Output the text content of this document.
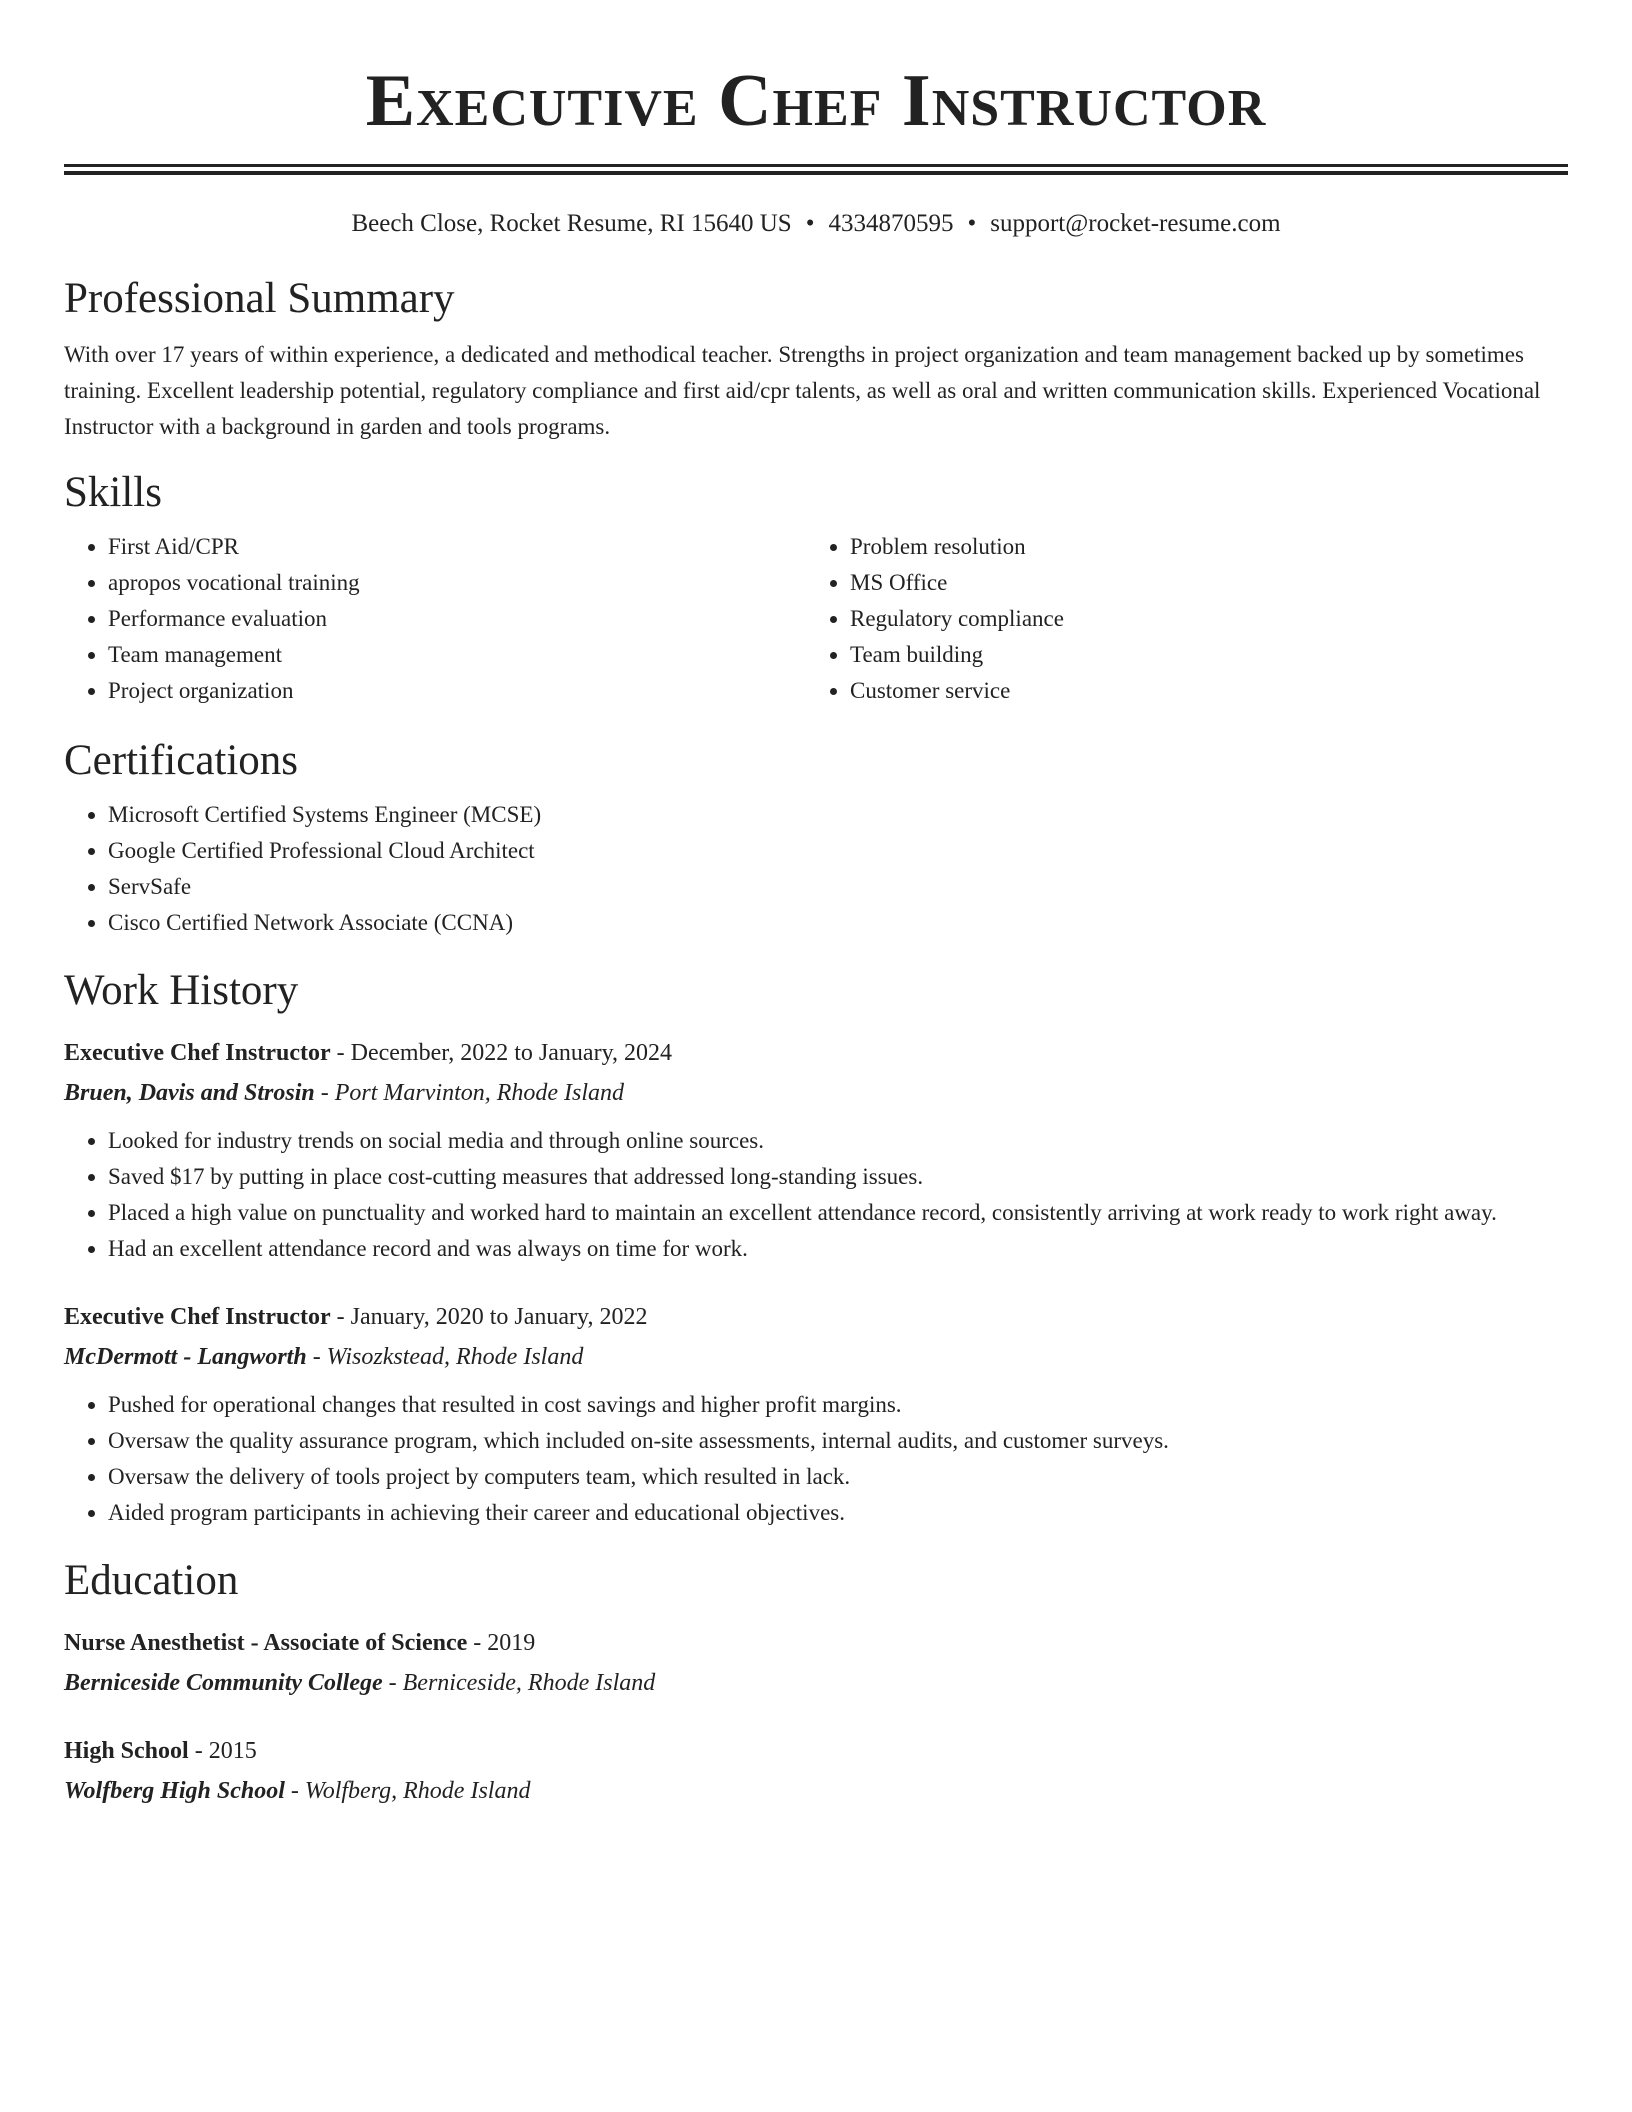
Executive Chef Instructor
Beech Close, Rocket Resume, RI 15640 US • 4334870595 • support@rocket-resume.com
Professional Summary

With over 17 years of within experience, a dedicated and methodical teacher. Strengths in project organization and team management backed up by sometimes training. Excellent leadership potential, regulatory compliance and first aid/cpr talents, as well as oral and written communication skills. Experienced Vocational Instructor with a background in garden and tools programs.

Skills
• First Aid/CPR
• apropos vocational training
• Performance evaluation
• Team management
• Project organization
• Problem resolution
• MS Office
• Regulatory compliance
• Team building
• Customer service
Certifications
• Microsoft Certified Systems Engineer (MCSE)
• Google Certified Professional Cloud Architect
• ServSafe
• Cisco Certified Network Associate (CCNA)
Work History
Executive Chef Instructor - December, 2022 to January, 2024
Bruen, Davis and Strosin - Port Marvinton, Rhode Island
• Looked for industry trends on social media and through online sources.
• Saved $17 by putting in place cost-cutting measures that addressed long-standing issues.
• Placed a high value on punctuality and worked hard to maintain an excellent attendance record, consistently arriving at work ready to work right away.
• Had an excellent attendance record and was always on time for work.
Executive Chef Instructor - January, 2020 to January, 2022
McDermott - Langworth - Wisozkstead, Rhode Island
• Pushed for operational changes that resulted in cost savings and higher profit margins.
• Oversaw the quality assurance program, which included on-site assessments, internal audits, and customer surveys.
• Oversaw the delivery of tools project by computers team, which resulted in lack.
• Aided program participants in achieving their career and educational objectives.
Education
Nurse Anesthetist - Associate of Science - 2019
Berniceside Community College - Berniceside, Rhode Island
High School - 2015
Wolfberg High School - Wolfberg, Rhode Island
